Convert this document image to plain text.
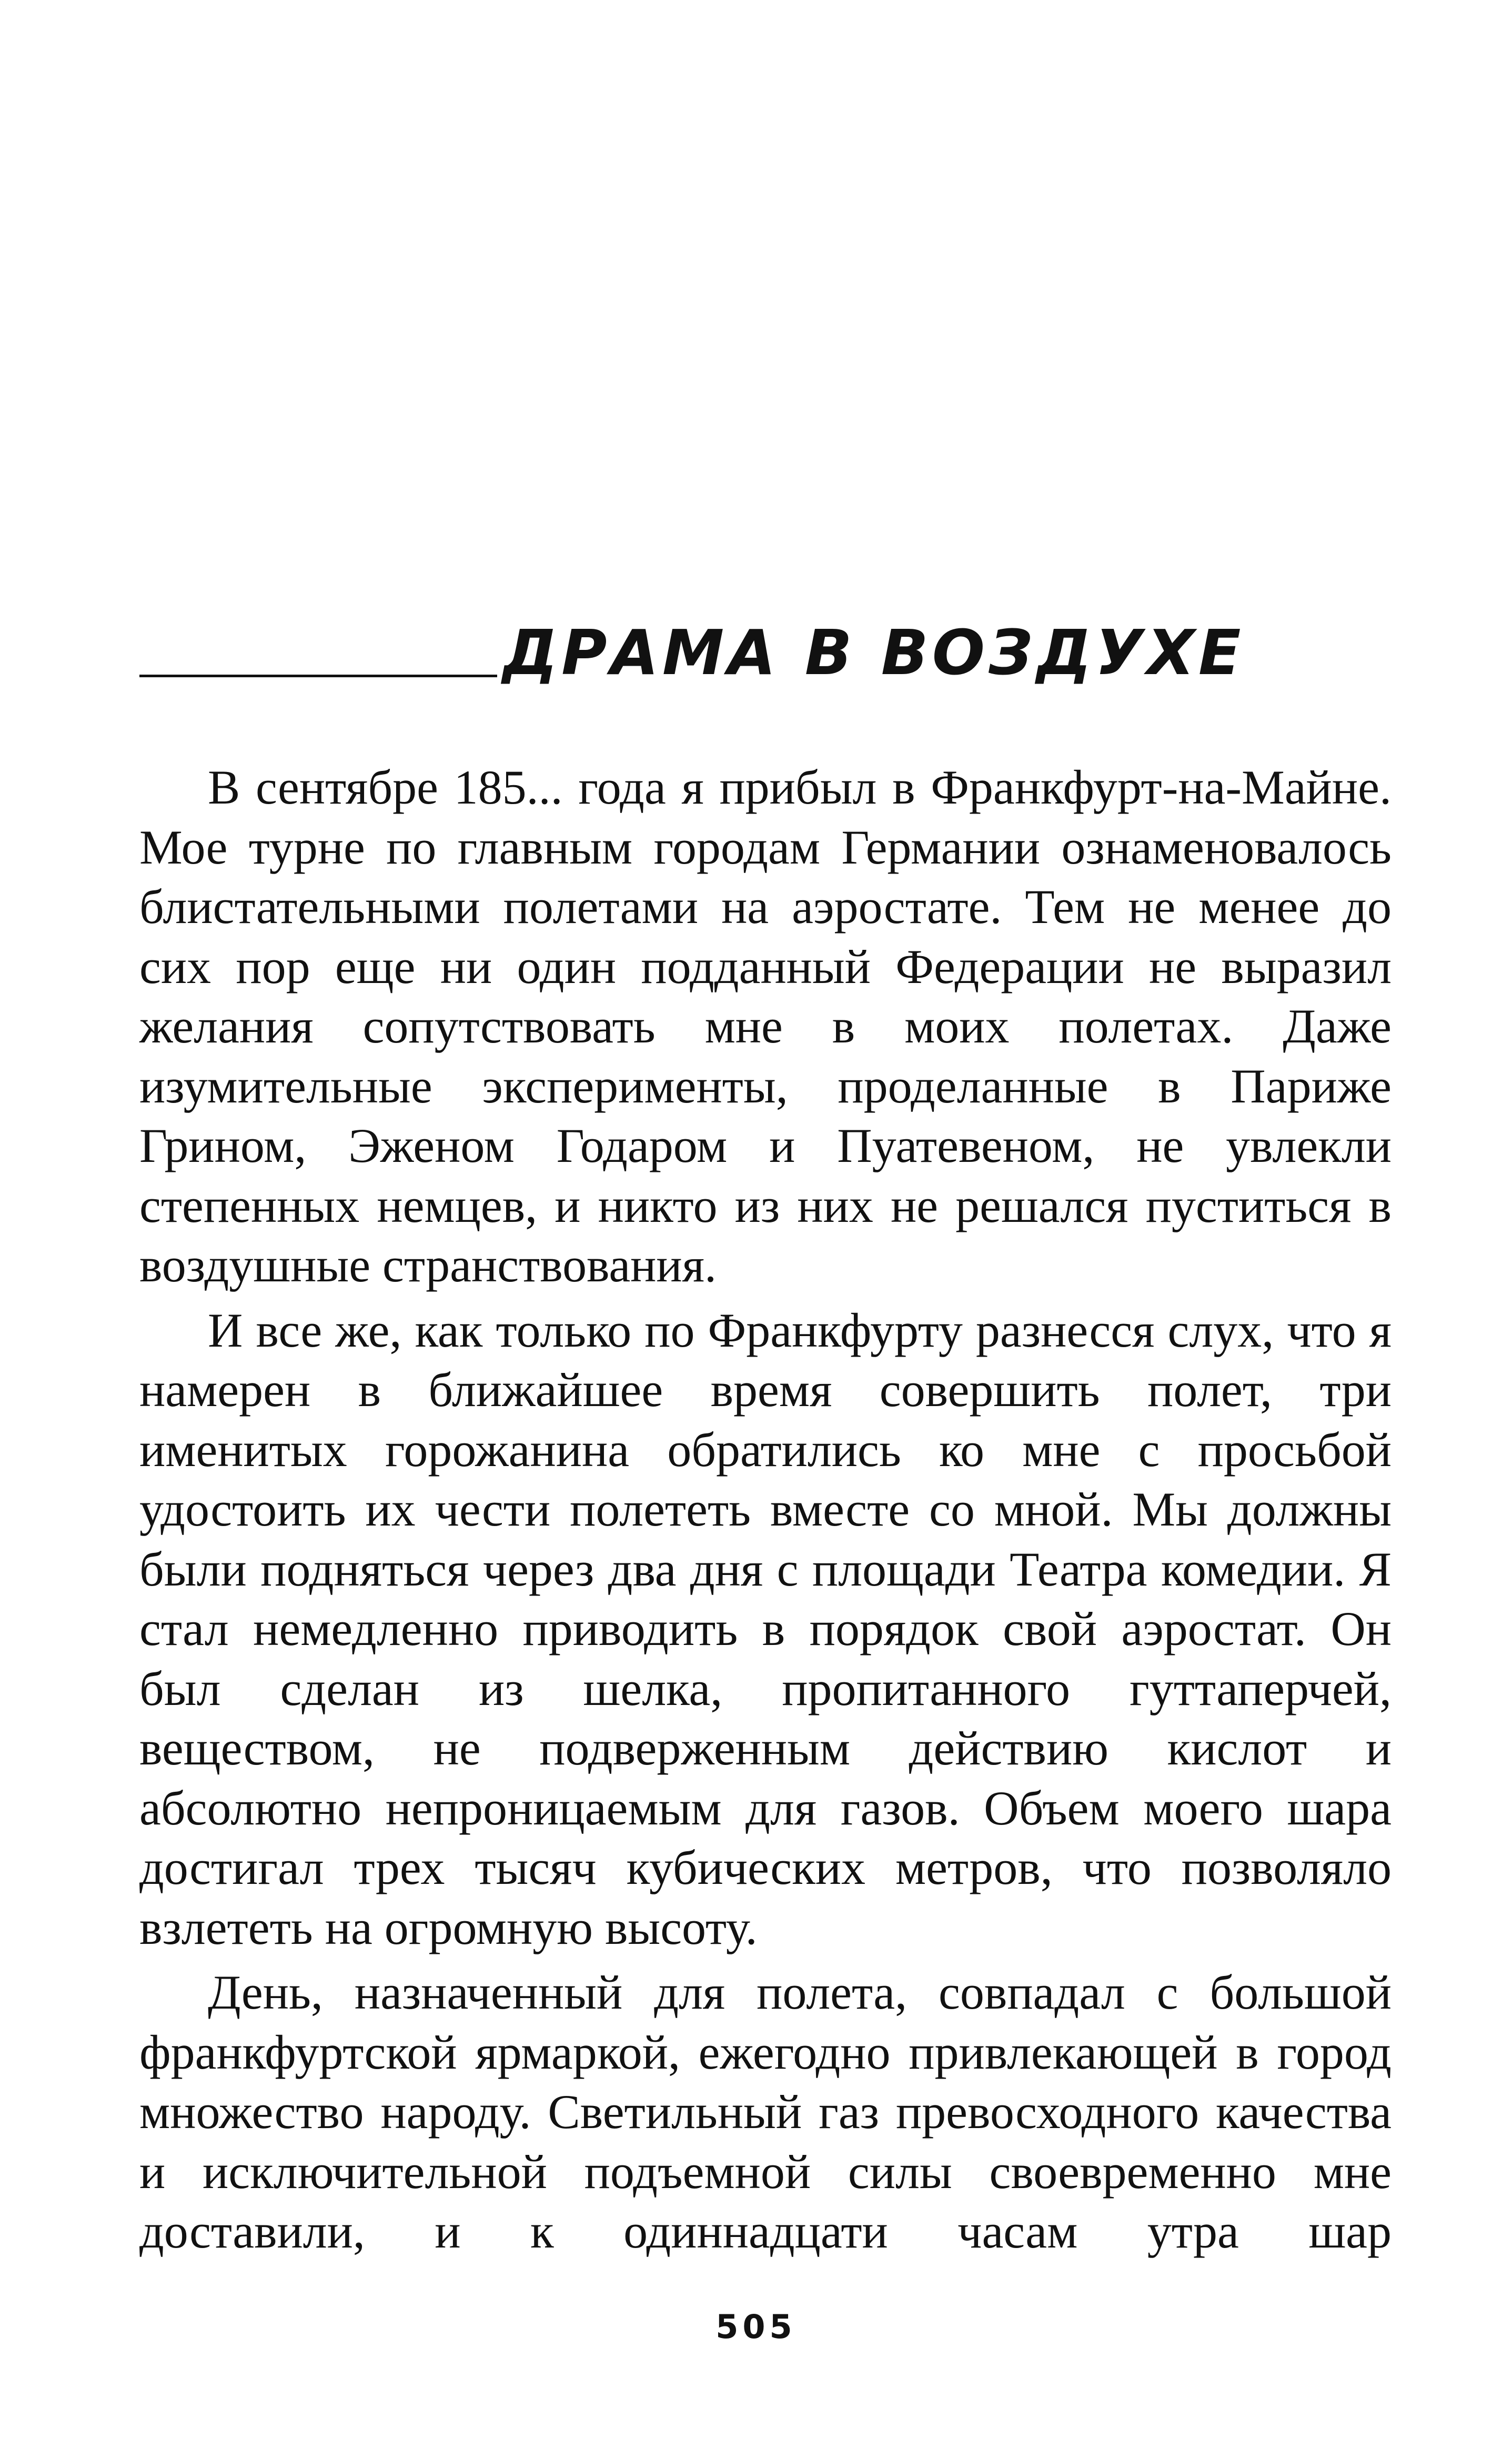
ДРАМА В ВОЗДУХЕ

В сентябре 185... года я прибыл в Франкфурт-на-Майне. Мое турне по главным городам Германии ознаменовалось блистательными полетами на аэростате. Тем не менее до сих пор еще ни один подданный Федерации не выразил желания сопутствовать мне в моих полетах. Даже изумительные эксперименты, проделанные в Париже Грином, Эженом Годаром и Пуатевеном, не увлекли степенных немцев, и никто из них не решался пуститься в воздушные странствования.

И все же, как только по Франкфурту разнесся слух, что я намерен в ближайшее время совершить полет, три именитых горожанина обратились ко мне с просьбой удостоить их чести полететь вместе со мной. Мы должны были подняться через два дня с площади Театра комедии. Я стал немедленно приводить в порядок свой аэростат. Он был сделан из шелка, пропитанного гуттаперчей, веществом, не подверженным действию кислот и абсолютно непроницаемым для газов. Объем моего шара достигал трех тысяч кубических метров, что позволяло взлететь на огромную высоту.

День, назначенный для полета, совпадал с большой франкфуртской ярмаркой, ежегодно привлекающей в город множество народу. Светильный газ превосходного качества и исключительной подъемной силы своевременно мне доставили, и к одиннадцати часам утра шар

505
